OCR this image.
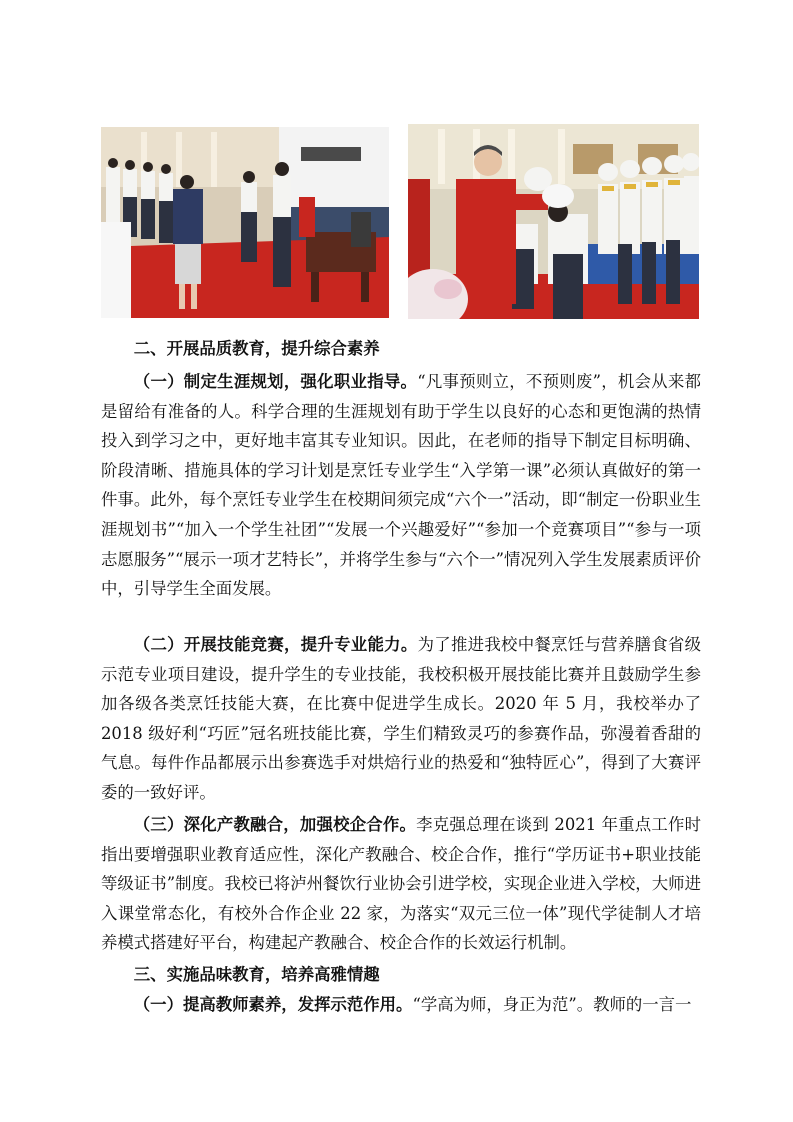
二、开展品质教育，提升综合素养

（一）制定生涯规划，强化职业指导。“凡事预则立，不预则废”，机会从来都是留给有准备的人。科学合理的生涯规划有助于学生以良好的心态和更饱满的热情投入到学习之中，更好地丰富其专业知识。因此，在老师的指导下制定目标明确、阶段清晰、措施具体的学习计划是烹饪专业学生“入学第一课”必须认真做好的第一件事。此外，每个烹饪专业学生在校期间须完成“六个一”活动，即“制定一份职业生涯规划书”“加入一个学生社团”“发展一个兴趣爱好”“参加一个竞赛项目”“参与一项志愿服务”“展示一项才艺特长”，并将学生参与“六个一”情况列入学生发展素质评价中，引导学生全面发展。

（二）开展技能竞赛，提升专业能力。为了推进我校中餐烹饪与营养膳食省级示范专业项目建设，提升学生的专业技能，我校积极开展技能比赛并且鼓励学生参加各级各类烹饪技能大赛，在比赛中促进学生成长。2020 年 5 月，我校举办了 2018 级好利“巧匠”冠名班技能比赛，学生们精致灵巧的参赛作品，弥漫着香甜的气息。每件作品都展示出参赛选手对烘焙行业的热爱和“独特匠心”，得到了大赛评委的一致好评。

（三）深化产教融合，加强校企合作。李克强总理在谈到 2021 年重点工作时指出要增强职业教育适应性，深化产教融合、校企合作，推行“学历证书+职业技能等级证书”制度。我校已将泸州餐饮行业协会引进学校，实现企业进入学校，大师进入课堂常态化，有校外合作企业 22 家，为落实“双元三位一体”现代学徒制人才培养模式搭建好平台，构建起产教融合、校企合作的长效运行机制。

三、实施品味教育，培养高雅情趣

（一）提高教师素养，发挥示范作用。“学高为师，身正为范”。教师的一言一
